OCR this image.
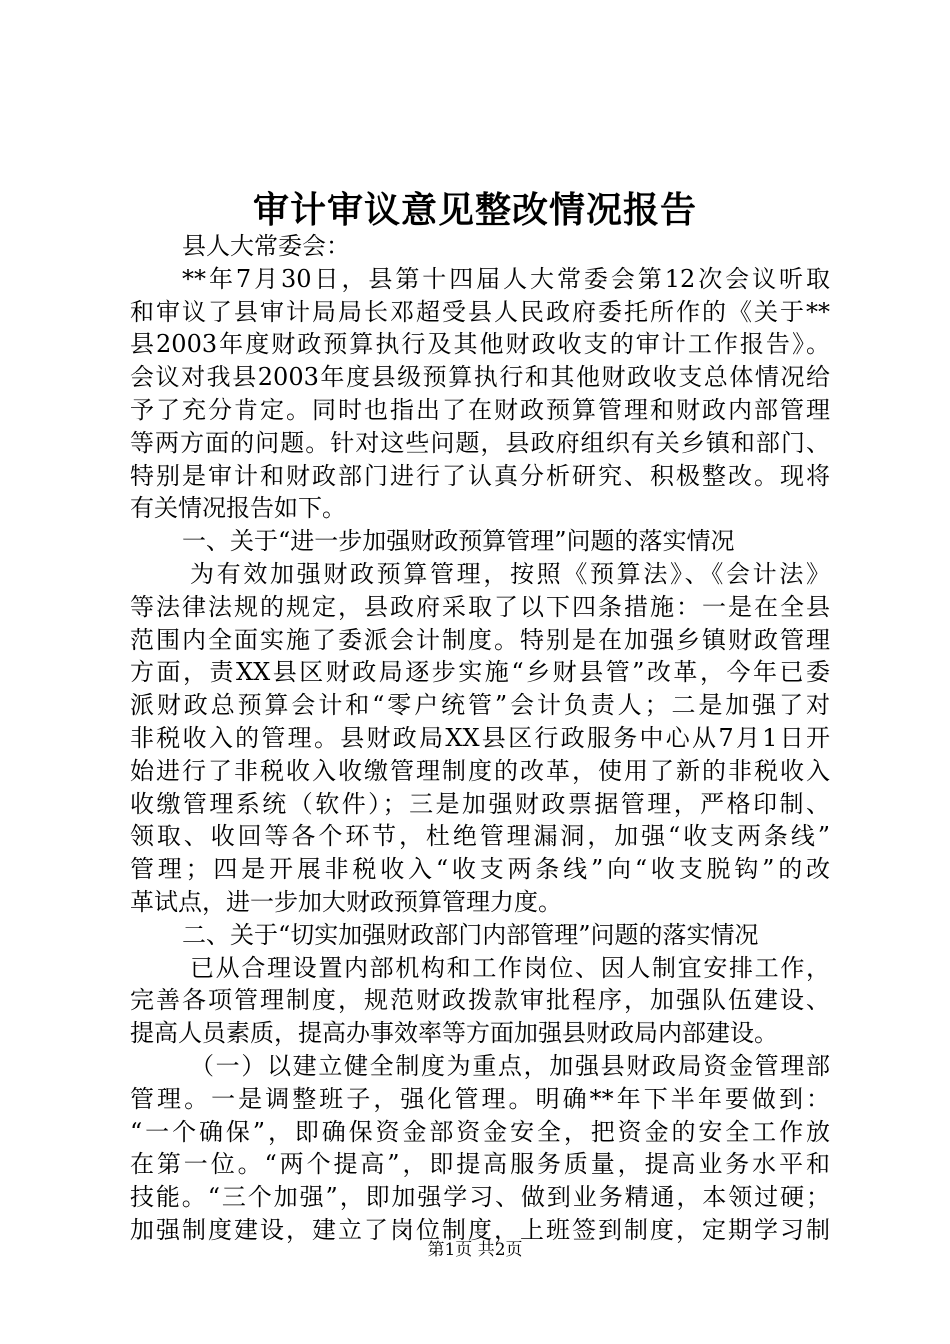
审计审议意见整改情况报告
县人大常委会：
**年7月30日，县第十四届人大常委会第12次会议听取
和审议了县审计局局长邓超受县人民政府委托所作的《关于**
县2003年度财政预算执行及其他财政收支的审计工作报告》。
会议对我县2003年度县级预算执行和其他财政收支总体情况给
予了充分肯定。同时也指出了在财政预算管理和财政内部管理
等两方面的问题。针对这些问题，县政府组织有关乡镇和部门、
特别是审计和财政部门进行了认真分析研究、积极整改。现将
有关情况报告如下。
一、关于“进一步加强财政预算管理”问题的落实情况
为有效加强财政预算管理，按照《预算法》、《会计法》
等法律法规的规定，县政府采取了以下四条措施：一是在全县
范围内全面实施了委派会计制度。特别是在加强乡镇财政管理
方面，责XX县区财政局逐步实施“乡财县管”改革，今年已委
派财政总预算会计和“零户统管”会计负责人；二是加强了对
非税收入的管理。县财政局XX县区行政服务中心从7月1日开
始进行了非税收入收缴管理制度的改革，使用了新的非税收入
收缴管理系统（软件）；三是加强财政票据管理，严格印制、
领取、收回等各个环节，杜绝管理漏洞，加强“收支两条线”
管理；四是开展非税收入“收支两条线”向“收支脱钩”的改
革试点，进一步加大财政预算管理力度。
二、关于“切实加强财政部门内部管理”问题的落实情况
已从合理设置内部机构和工作岗位、因人制宜安排工作，
完善各项管理制度，规范财政拨款审批程序，加强队伍建设、
提高人员素质，提高办事效率等方面加强县财政局内部建设。
（一）以建立健全制度为重点，加强县财政局资金管理部
管理。一是调整班子，强化管理。明确**年下半年要做到：
“一个确保”，即确保资金部资金安全，把资金的安全工作放
在第一位。“两个提高”，即提高服务质量，提高业务水平和
技能。“三个加强”，即加强学习、做到业务精通，本领过硬；
加强制度建设，建立了岗位制度，上班签到制度，定期学习制
第1页 共2页
